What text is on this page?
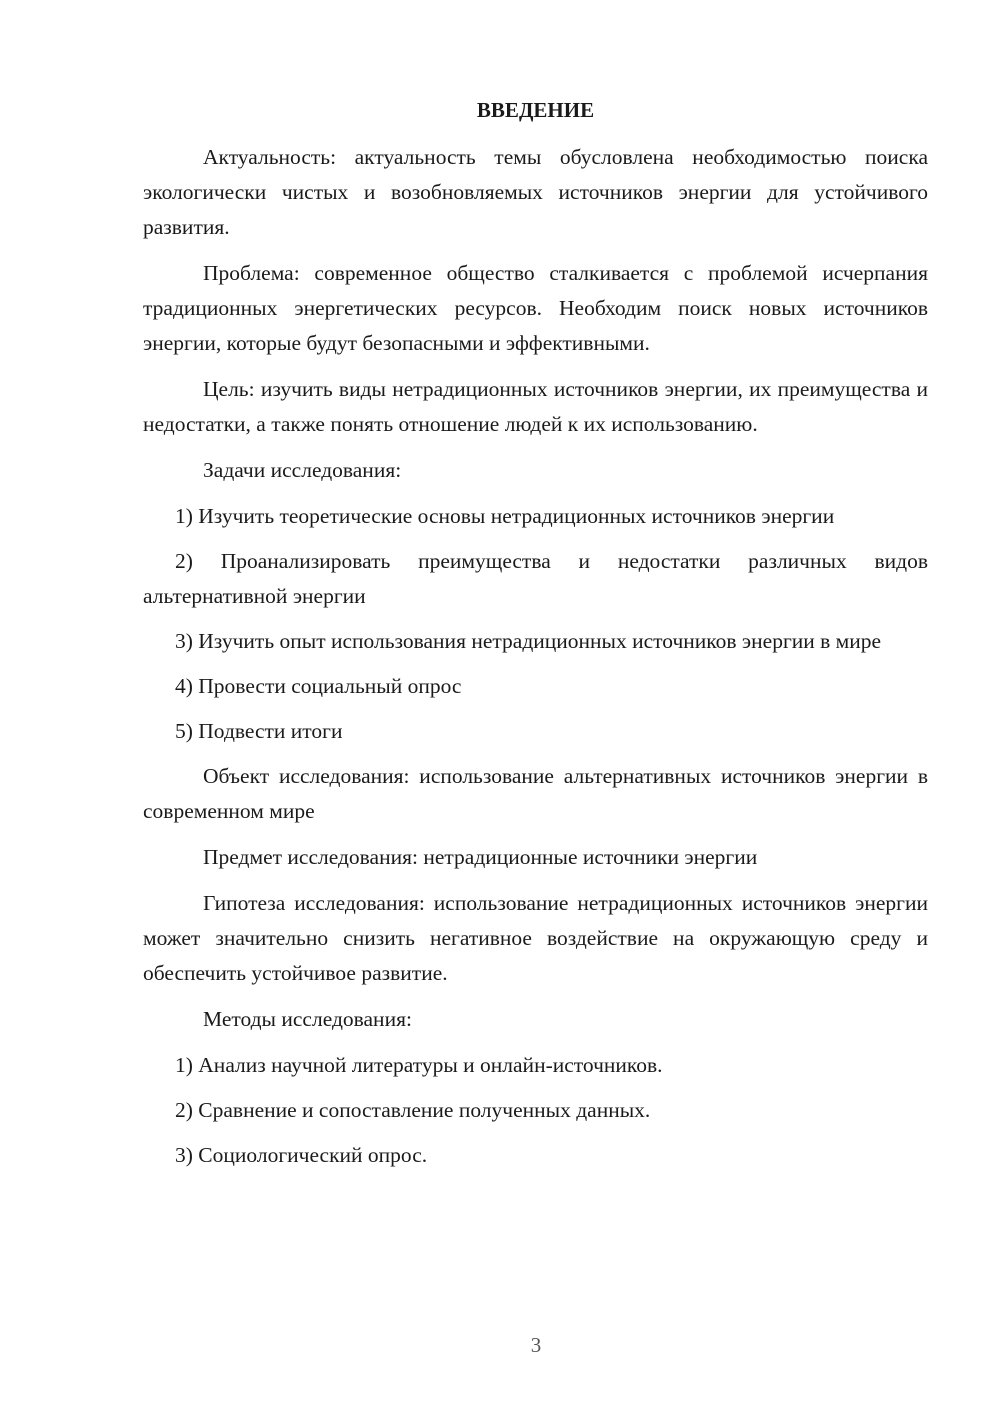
ВВЕДЕНИЕ

Актуальность: актуальность темы обусловлена необходимостью поиска экологически чистых и возобновляемых источников энергии для устойчивого развития.

Проблема: современное общество сталкивается с проблемой исчерпания традиционных энергетических ресурсов. Необходим поиск новых источников энергии, которые будут безопасными и эффективными.

Цель: изучить виды нетрадиционных источников энергии, их преимущества и недостатки, а также понять отношение людей к их использованию.

Задачи исследования:

1) Изучить теоретические основы нетрадиционных источников энергии

2) Проанализировать преимущества и недостатки различных видов альтернативной энергии

3) Изучить опыт использования нетрадиционных источников энергии в мире

4) Провести социальный опрос

5) Подвести итоги

Объект исследования: использование альтернативных источников энергии в современном мире

Предмет исследования: нетрадиционные источники энергии

Гипотеза исследования: использование нетрадиционных источников энергии может значительно снизить негативное воздействие на окружающую среду и обеспечить устойчивое развитие.

Методы исследования:

1) Анализ научной литературы и онлайн-источников.

2) Сравнение и сопоставление полученных данных.

3) Социологический опрос.

3
